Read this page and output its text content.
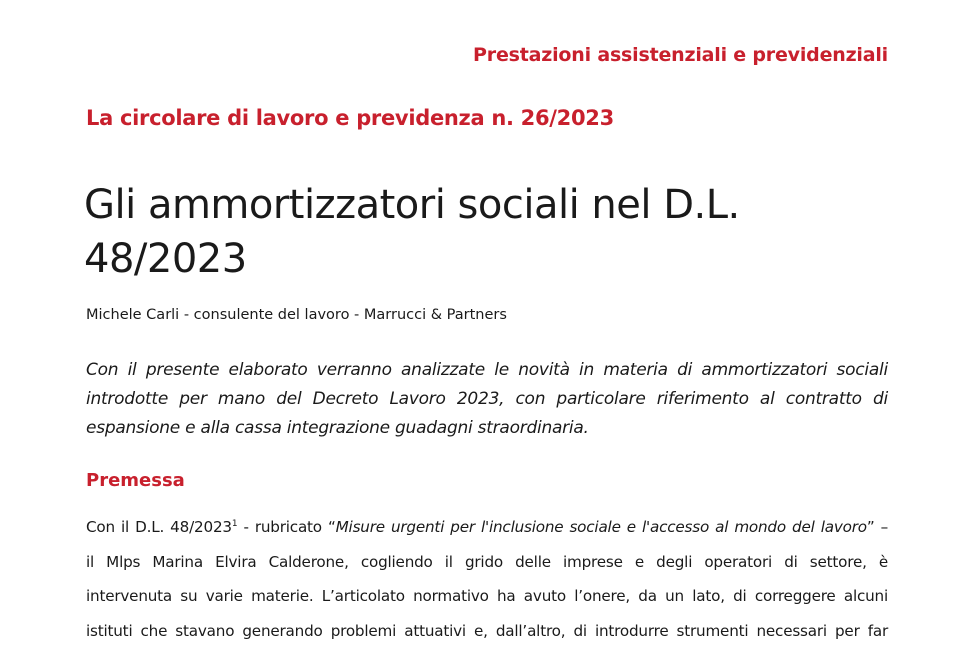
Prestazioni assistenziali e previdenziali
La circolare di lavoro e previdenza n. 26/2023
Gli ammortizzatori sociali nel D.L.
48/2023
Michele Carli - consulente del lavoro - Marrucci & Partners
Con il presente elaborato verranno analizzate le novità in materia di ammortizzatori sociali introdotte per mano del Decreto Lavoro 2023, con particolare riferimento al contratto di espansione e alla cassa integrazione guadagni straordinaria.
Premessa
Con il D.L. 48/2023$^1$ - rubricato “Misure urgenti per l'inclusione sociale e l'accesso al mondo del lavoro” –
il Mlps Marina Elvira Calderone, cogliendo il grido delle imprese e degli operatori di settore, è
intervenuta su varie materie. L’articolato normativo ha avuto l’onere, da un lato, di correggere alcuni
istituti che stavano generando problemi attuativi e, dall’altro, di introdurre strumenti necessari per far
